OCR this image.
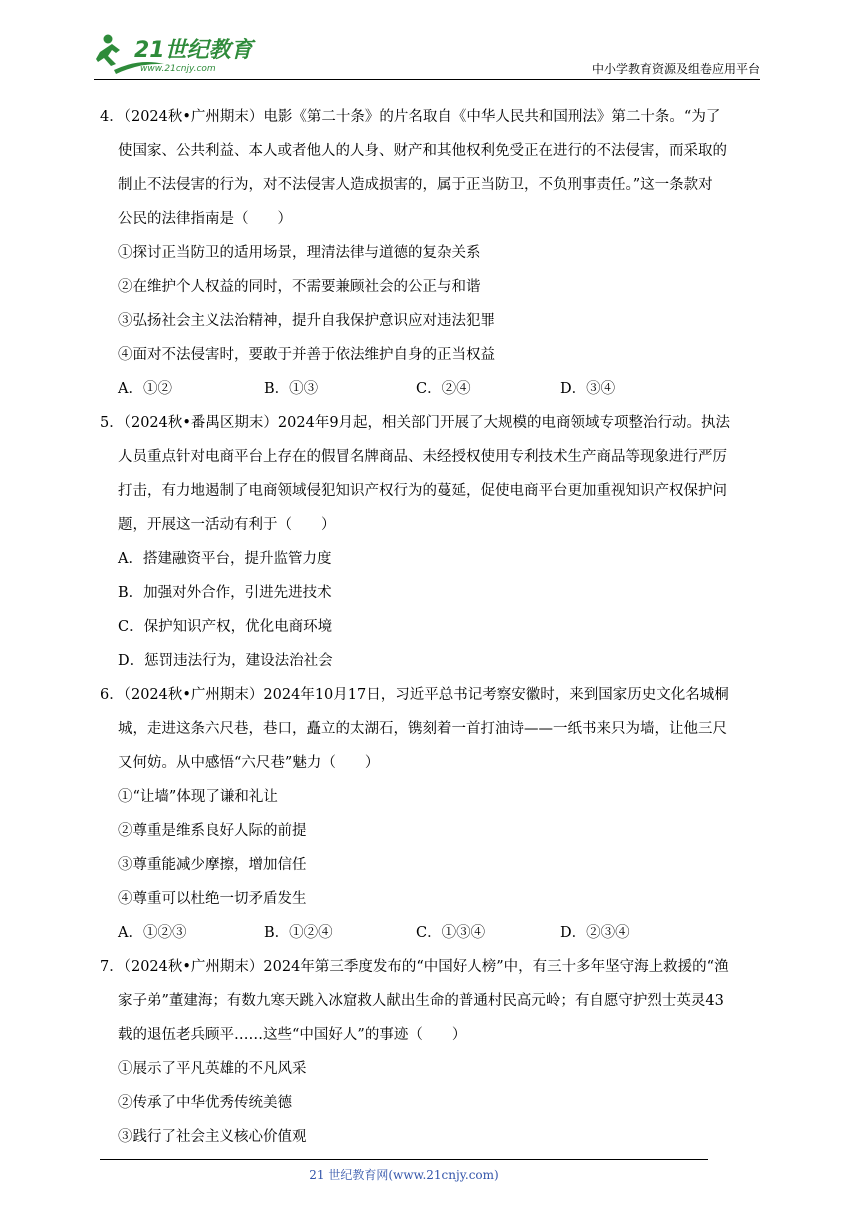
21世纪教育
www.21cnjy.com	中小学教育资源及组卷应用平台
4．（2024秋•广州期末）电影《第二十条》的片名取自《中华人民共和国刑法》第二十条。“为了
使国家、公共利益、本人或者他人的人身、财产和其他权利免受正在进行的不法侵害，而采取的
制止不法侵害的行为，对不法侵害人造成损害的，属于正当防卫，不负刑事责任。”这一条款对
公民的法律指南是（　　）
①探讨正当防卫的适用场景，理清法律与道德的复杂关系
②在维护个人权益的同时，不需要兼顾社会的公正与和谐
③弘扬社会主义法治精神，提升自我保护意识应对违法犯罪
④面对不法侵害时，要敢于并善于依法维护自身的正当权益
A．①②	B．①③	C．②④	D．③④
5．（2024秋•番禺区期末）2024年9月起，相关部门开展了大规模的电商领域专项整治行动。执法
人员重点针对电商平台上存在的假冒名牌商品、未经授权使用专利技术生产商品等现象进行严厉
打击，有力地遏制了电商领域侵犯知识产权行为的蔓延，促使电商平台更加重视知识产权保护问
题，开展这一活动有利于（　　）
A．搭建融资平台，提升监管力度
B．加强对外合作，引进先进技术
C．保护知识产权，优化电商环境
D．惩罚违法行为，建设法治社会
6．（2024秋•广州期末）2024年10月17日，习近平总书记考察安徽时，来到国家历史文化名城桐
城，走进这条六尺巷，巷口，矗立的太湖石，镌刻着一首打油诗——一纸书来只为墙，让他三尺
又何妨。从中感悟“六尺巷”魅力（　　）
①“让墙”体现了谦和礼让
②尊重是维系良好人际的前提
③尊重能减少摩擦，增加信任
④尊重可以杜绝一切矛盾发生
A．①②③	B．①②④	C．①③④	D．②③④
7．（2024秋•广州期末）2024年第三季度发布的“中国好人榜”中，有三十多年坚守海上救援的“渔
家子弟”董建海；有数九寒天跳入冰窟救人献出生命的普通村民高元岭；有自愿守护烈士英灵43
载的退伍老兵顾平……这些“中国好人”的事迹（　　）
①展示了平凡英雄的不凡风采
②传承了中华优秀传统美德
③践行了社会主义核心价值观
21 世纪教育网(www.21cnjy.com)
